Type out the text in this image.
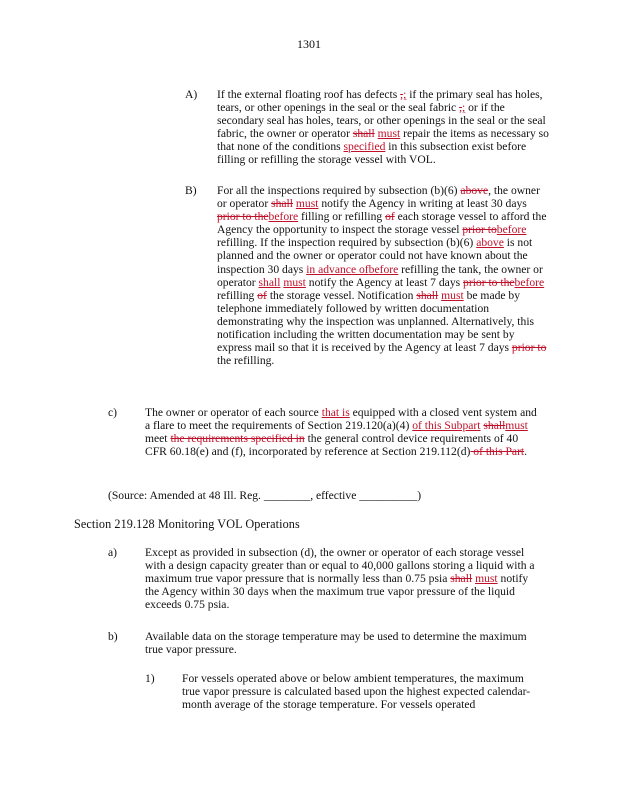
1301
A) If the external floating roof has defects ,; if the primary seal has holes, tears, or other openings in the seal or the seal fabric ,; or if the secondary seal has holes, tears, or other openings in the seal or the seal fabric, the owner or operator shall must repair the items as necessary so that none of the conditions specified in this subsection exist before filling or refilling the storage vessel with VOL.
B) For all the inspections required by subsection (b)(6) above, the owner or operator shall must notify the Agency in writing at least 30 days prior to thebefore filling or refilling of each storage vessel to afford the Agency the opportunity to inspect the storage vessel prior tobefore refilling. If the inspection required by subsection (b)(6) above is not planned and the owner or operator could not have known about the inspection 30 days in advance ofbefore refilling the tank, the owner or operator shall must notify the Agency at least 7 days prior to thebefore refilling of the storage vessel. Notification shall must be made by telephone immediately followed by written documentation demonstrating why the inspection was unplanned. Alternatively, this notification including the written documentation may be sent by express mail so that it is received by the Agency at least 7 days prior to the refilling.
c) The owner or operator of each source that is equipped with a closed vent system and a flare to meet the requirements of Section 219.120(a)(4) of this Subpart shallmust meet the requirements specified in the general control device requirements of 40 CFR 60.18(e) and (f), incorporated by reference at Section 219.112(d) of this Part.
(Source: Amended at 48 Ill. Reg. ________, effective __________)
Section 219.128 Monitoring VOL Operations
a) Except as provided in subsection (d), the owner or operator of each storage vessel with a design capacity greater than or equal to 40,000 gallons storing a liquid with a maximum true vapor pressure that is normally less than 0.75 psia shall must notify the Agency within 30 days when the maximum true vapor pressure of the liquid exceeds 0.75 psia.
b) Available data on the storage temperature may be used to determine the maximum true vapor pressure.
1) For vessels operated above or below ambient temperatures, the maximum true vapor pressure is calculated based upon the highest expected calendar-month average of the storage temperature. For vessels operated
